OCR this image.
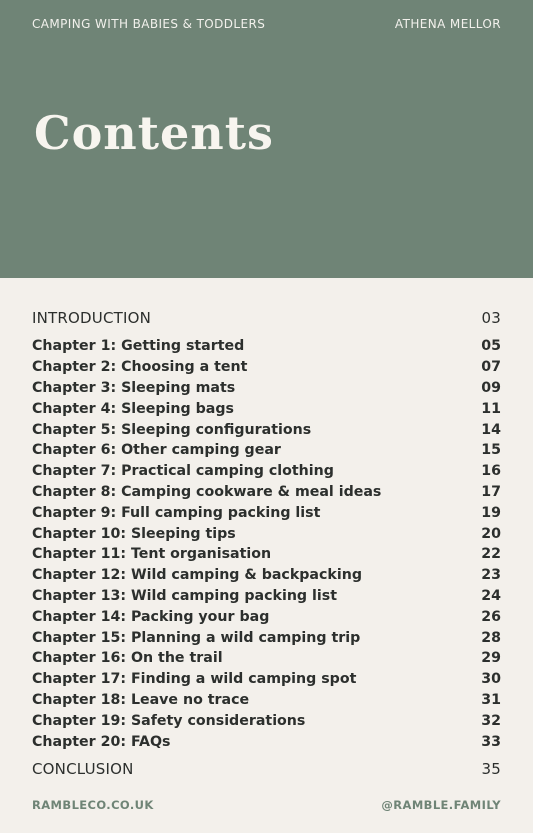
CAMPING WITH BABIES & TODDLERS	ATHENA MELLOR
Contents
INTRODUCTION	03
Chapter 1: Getting started	05
Chapter 2: Choosing a tent	07
Chapter 3: Sleeping mats	09
Chapter 4: Sleeping bags	11
Chapter 5: Sleeping configurations	14
Chapter 6: Other camping gear	15
Chapter 7: Practical camping clothing	16
Chapter 8: Camping cookware & meal ideas	17
Chapter 9: Full camping packing list	19
Chapter 10: Sleeping tips	20
Chapter 11: Tent organisation	22
Chapter 12: Wild camping & backpacking	23
Chapter 13: Wild camping packing list	24
Chapter 14: Packing your bag	26
Chapter 15: Planning a wild camping trip	28
Chapter 16: On the trail	29
Chapter 17: Finding a wild camping spot	30
Chapter 18: Leave no trace	31
Chapter 19: Safety considerations	32
Chapter 20: FAQs	33
CONCLUSION	35
RAMBLECO.CO.UK	@RAMBLE.FAMILY
